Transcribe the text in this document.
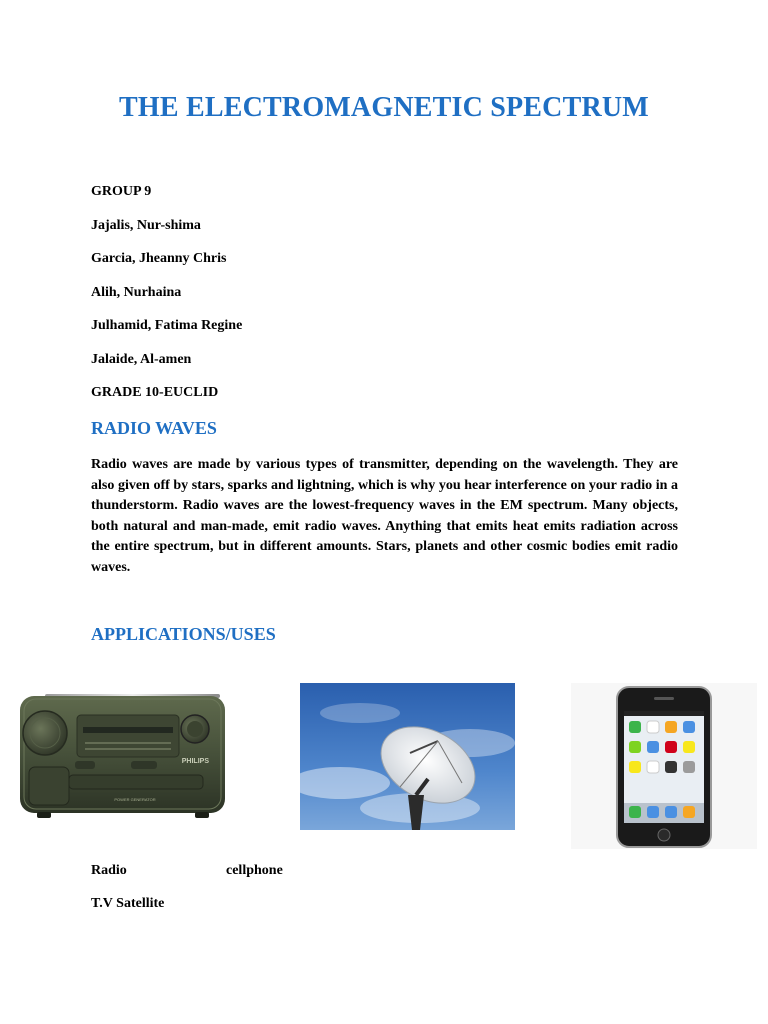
THE ELECTROMAGNETIC SPECTRUM
GROUP 9
Jajalis, Nur-shima
Garcia, Jheanny Chris
Alih, Nurhaina
Julhamid, Fatima Regine
Jalaide, Al-amen
GRADE 10-EUCLID
RADIO WAVES
Radio waves are made by various types of transmitter, depending on the wavelength. They are also given off by stars, sparks and lightning, which is why you hear interference on your radio in a thunderstorm. Radio waves are the lowest-frequency waves in the EM spectrum. Many objects, both natural and man-made, emit radio waves. Anything that emits heat emits radiation across the entire spectrum, but in different amounts. Stars, planets and other cosmic bodies emit radio waves.
APPLICATIONS/USES
PHILIPS
POWER GENERATOR
Radio	cellphone
T.V Satellite
